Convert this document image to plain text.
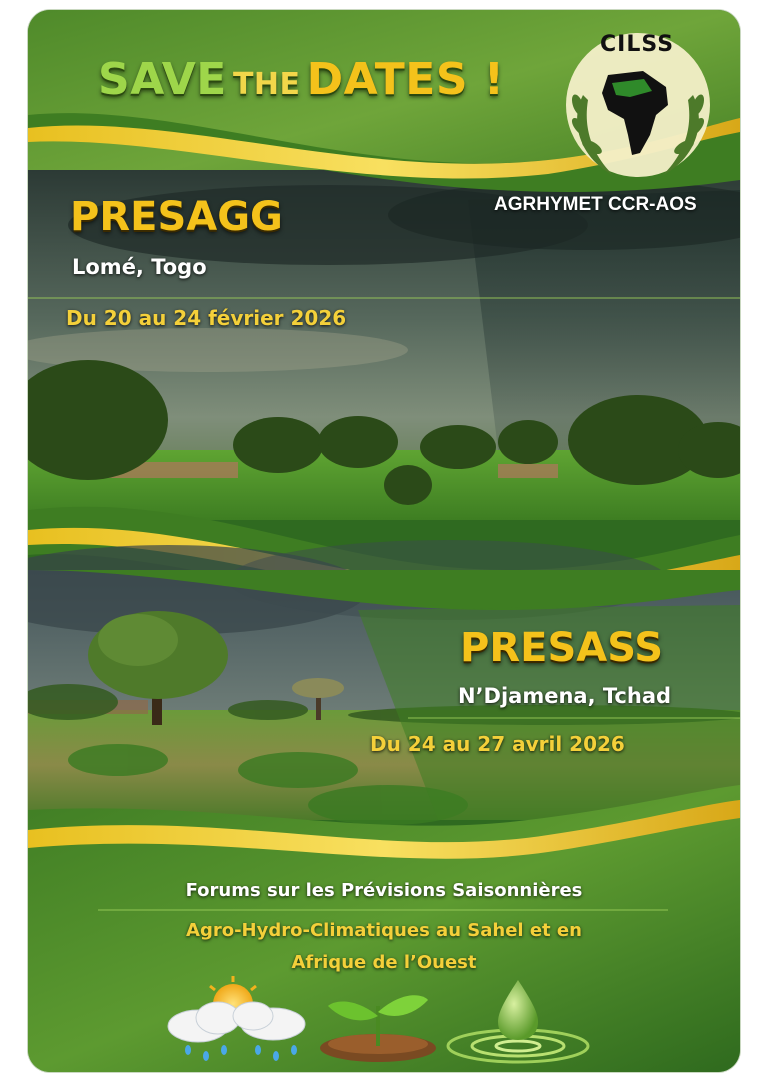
CILSS
SAVE THE DATES !
AGRHYMET CCR-AOS
PRESAGG
Lomé, Togo
Du 20 au 24 février 2026
PRESASS
N’Djamena, Tchad
Du 24 au 27 avril 2026
Forums sur les Prévisions Saisonnières
Agro-Hydro-Climatiques au Sahel et en
Afrique de l’Ouest
